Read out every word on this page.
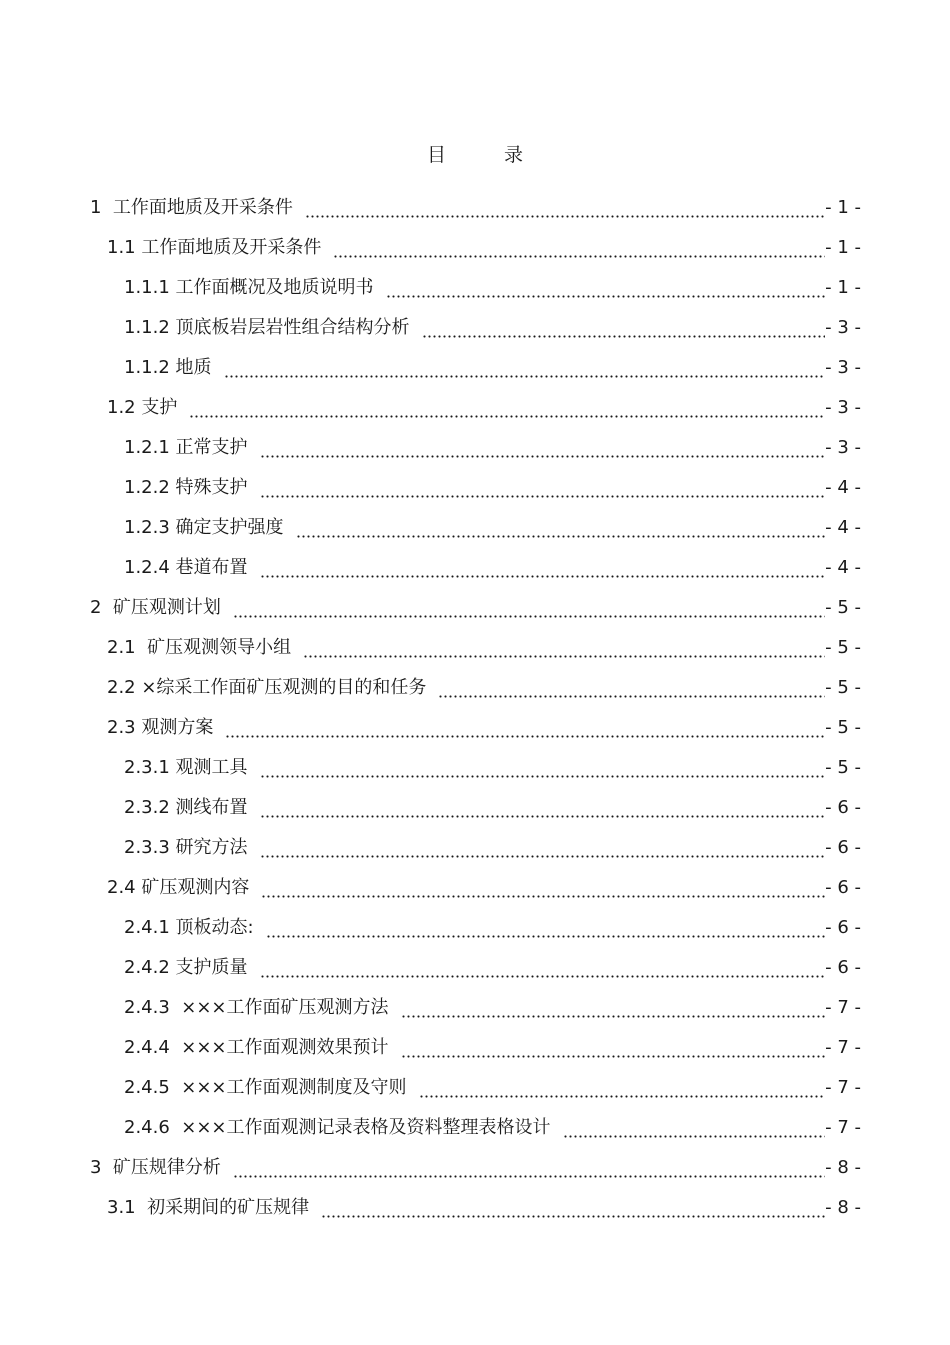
目 录
1  工作面地质及开采条件	- 1 -
1.1 工作面地质及开采条件	- 1 -
1.1.1 工作面概况及地质说明书	- 1 -
1.1.2 顶底板岩层岩性组合结构分析	- 3 -
1.1.2 地质	- 3 -
1.2 支护	- 3 -
1.2.1 正常支护	- 3 -
1.2.2 特殊支护	- 4 -
1.2.3 确定支护强度	- 4 -
1.2.4 巷道布置	- 4 -
2  矿压观测计划	- 5 -
2.1  矿压观测领导小组	- 5 -
2.2 ×综采工作面矿压观测的目的和任务	- 5 -
2.3 观测方案	- 5 -
2.3.1 观测工具	- 5 -
2.3.2 测线布置	- 6 -
2.3.3 研究方法	- 6 -
2.4 矿压观测内容	- 6 -
2.4.1 顶板动态:	- 6 -
2.4.2 支护质量	- 6 -
2.4.3  ×××工作面矿压观测方法	- 7 -
2.4.4  ×××工作面观测效果预计	- 7 -
2.4.5  ×××工作面观测制度及守则	- 7 -
2.4.6  ×××工作面观测记录表格及资料整理表格设计	- 7 -
3  矿压规律分析	- 8 -
3.1  初采期间的矿压规律	- 8 -
